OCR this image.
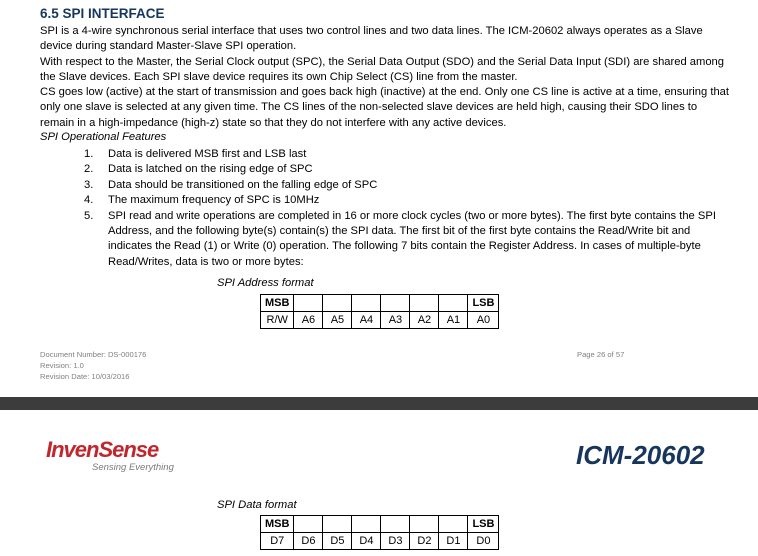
6.5 SPI INTERFACE
SPI is a 4-wire synchronous serial interface that uses two control lines and two data lines. The ICM-20602 always operates as a Slave device during standard Master-Slave SPI operation.
With respect to the Master, the Serial Clock output (SPC), the Serial Data Output (SDO) and the Serial Data Input (SDI) are shared among the Slave devices. Each SPI slave device requires its own Chip Select (CS) line from the master.
CS goes low (active) at the start of transmission and goes back high (inactive) at the end. Only one CS line is active at a time, ensuring that only one slave is selected at any given time. The CS lines of the non-selected slave devices are held high, causing their SDO lines to remain in a high-impedance (high-z) state so that they do not interfere with any active devices.
SPI Operational Features
1.	Data is delivered MSB first and LSB last
2.	Data is latched on the rising edge of SPC
3.	Data should be transitioned on the falling edge of SPC
4.	The maximum frequency of SPC is 10MHz
5.	SPI read and write operations are completed in 16 or more clock cycles (two or more bytes). The first byte contains the SPI Address, and the following byte(s) contain(s) the SPI data. The first bit of the first byte contains the Read/Write bit and indicates the Read (1) or Write (0) operation. The following 7 bits contain the Register Address. In cases of multiple-byte Read/Writes, data is two or more bytes:
SPI Address format
MSB							LSB
R/W	A6	A5	A4	A3	A2	A1	A0
Document Number: DS-000176
Revision: 1.0
Revision Date: 10/03/2016
Page 26 of 57
InvenSense
Sensing Everything	ICM-20602
SPI Data format
MSB							LSB
D7	D6	D5	D4	D3	D2	D1	D0
